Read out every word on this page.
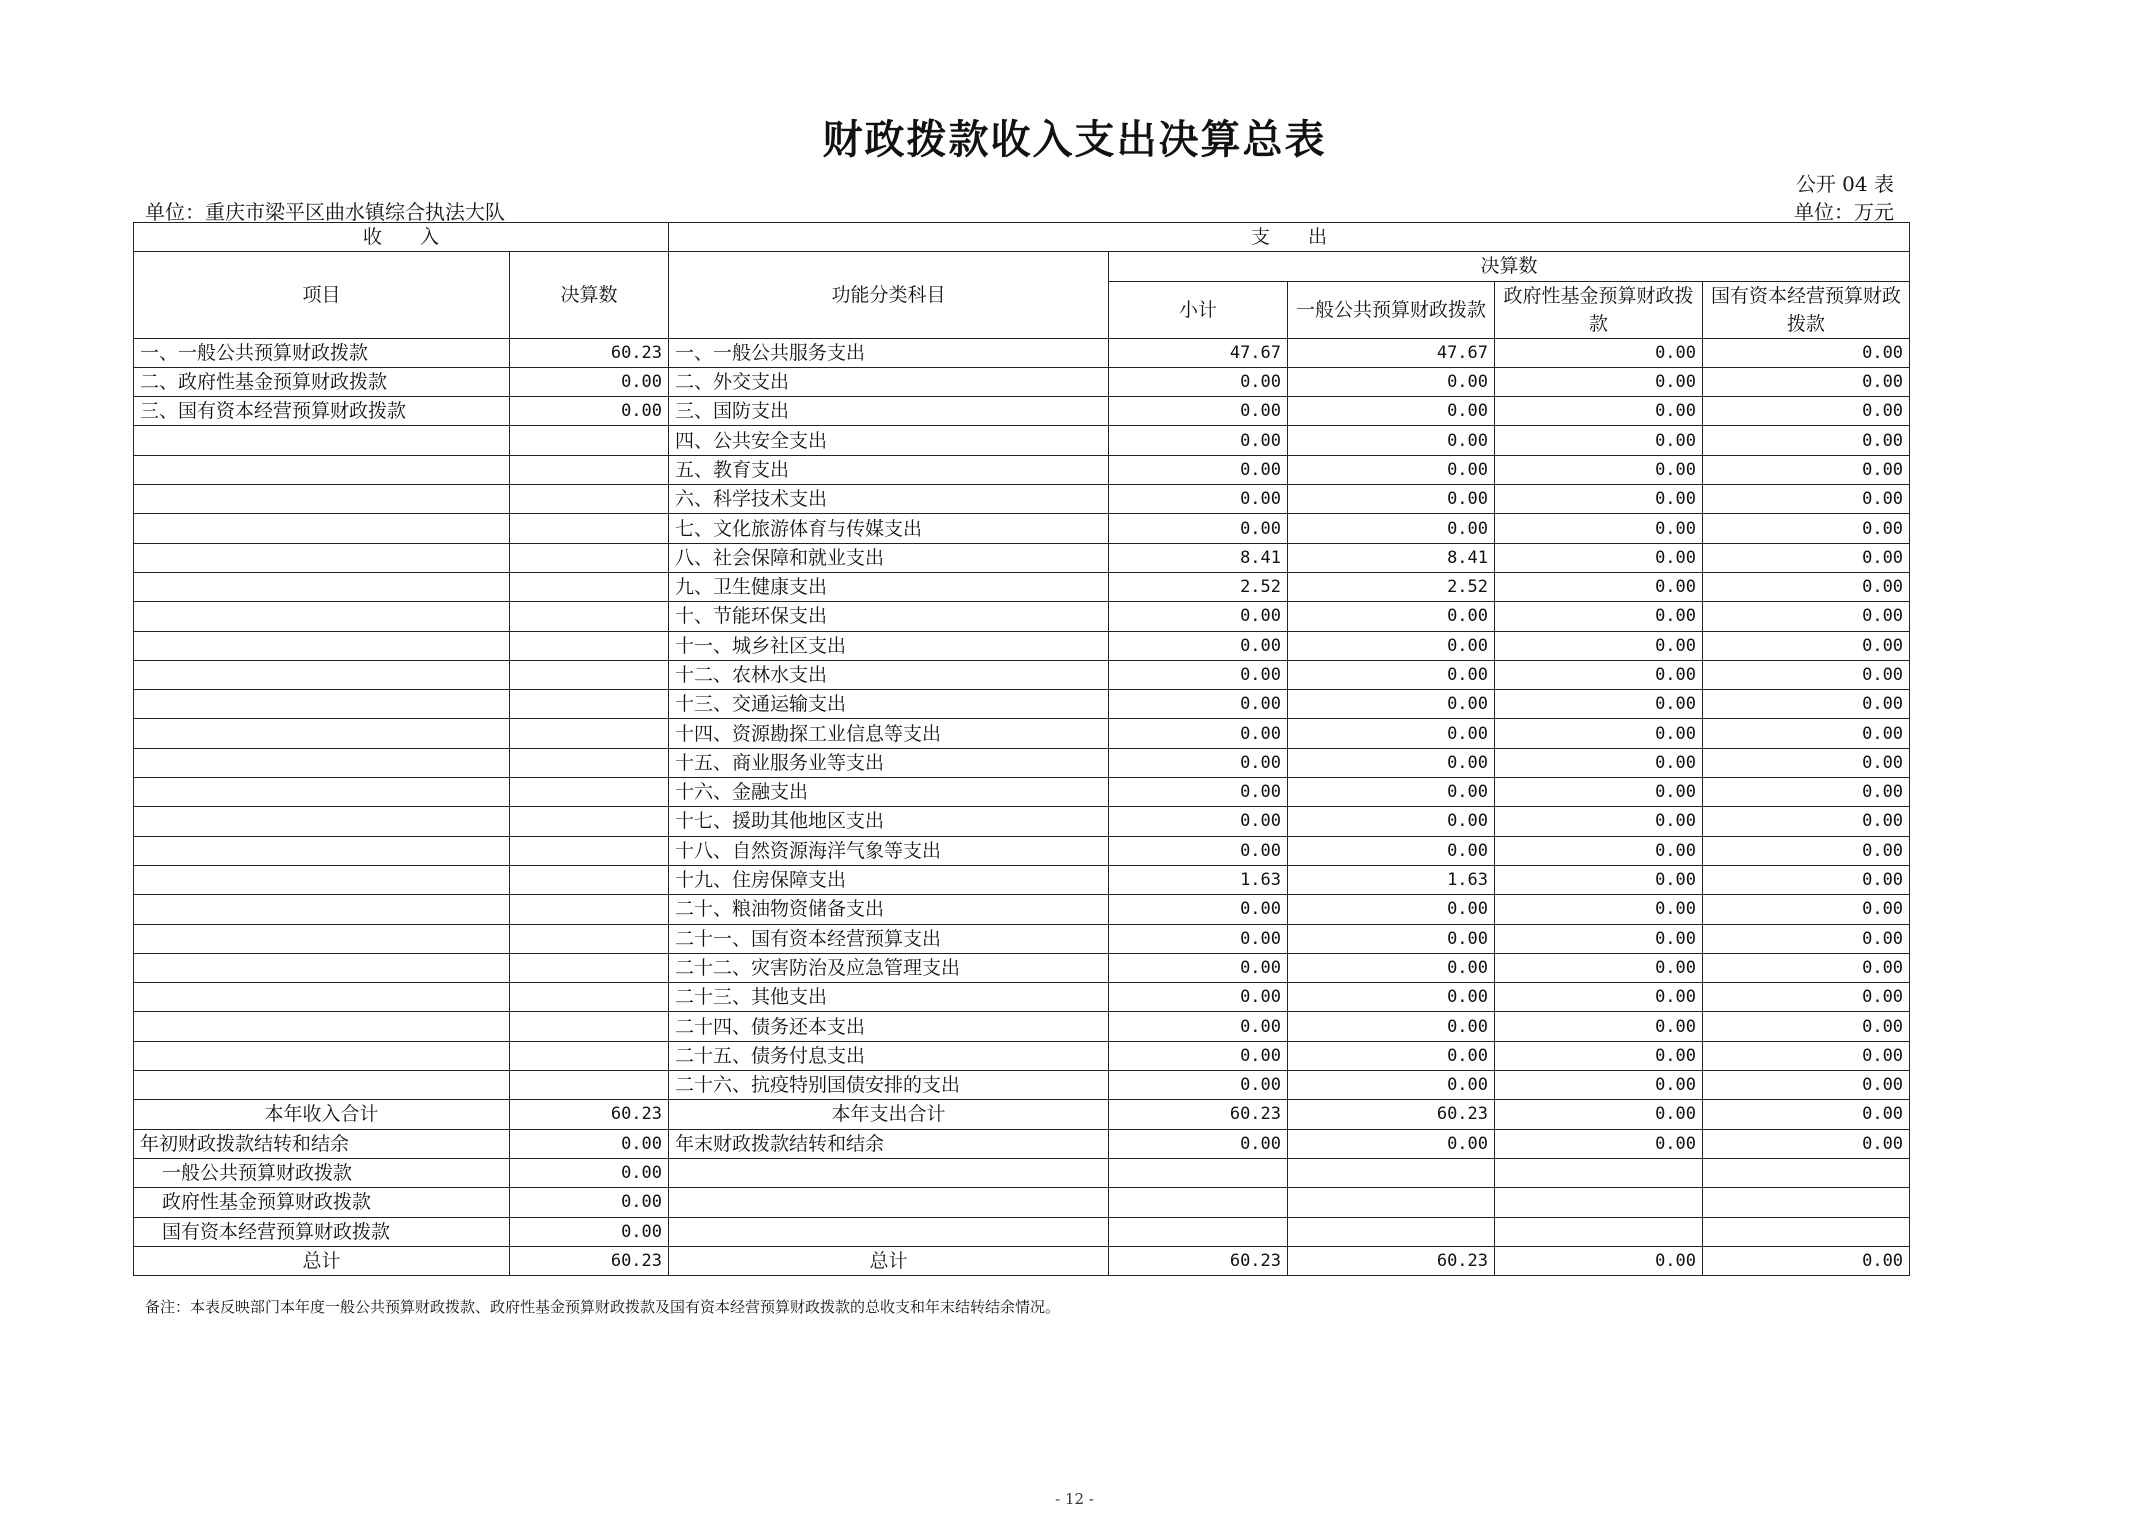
财政拨款收入支出决算总表
公开 04 表
单位：重庆市梁平区曲水镇综合执法大队	单位：万元
收　　入		支　　出				
项目	决算数	功能分类科目	决算数			
			小计	一般公共预算财政拨款	政府性基金预算财政拨款	国有资本经营预算财政拨款

一、一般公共预算财政拨款	60.23	一、一般公共服务支出	47.67	47.67	0.00	0.00
二、政府性基金预算财政拨款	0.00	二、外交支出	0.00	0.00	0.00	0.00
三、国有资本经营预算财政拨款	0.00	三、国防支出	0.00	0.00	0.00	0.00
		四、公共安全支出	0.00	0.00	0.00	0.00
		五、教育支出	0.00	0.00	0.00	0.00
		六、科学技术支出	0.00	0.00	0.00	0.00
		七、文化旅游体育与传媒支出	0.00	0.00	0.00	0.00
		八、社会保障和就业支出	8.41	8.41	0.00	0.00
		九、卫生健康支出	2.52	2.52	0.00	0.00
		十、节能环保支出	0.00	0.00	0.00	0.00
		十一、城乡社区支出	0.00	0.00	0.00	0.00
		十二、农林水支出	0.00	0.00	0.00	0.00
		十三、交通运输支出	0.00	0.00	0.00	0.00
		十四、资源勘探工业信息等支出	0.00	0.00	0.00	0.00
		十五、商业服务业等支出	0.00	0.00	0.00	0.00
		十六、金融支出	0.00	0.00	0.00	0.00
		十七、援助其他地区支出	0.00	0.00	0.00	0.00
		十八、自然资源海洋气象等支出	0.00	0.00	0.00	0.00
		十九、住房保障支出	1.63	1.63	0.00	0.00
		二十、粮油物资储备支出	0.00	0.00	0.00	0.00
		二十一、国有资本经营预算支出	0.00	0.00	0.00	0.00
		二十二、灾害防治及应急管理支出	0.00	0.00	0.00	0.00
		二十三、其他支出	0.00	0.00	0.00	0.00
		二十四、债务还本支出	0.00	0.00	0.00	0.00
		二十五、债务付息支出	0.00	0.00	0.00	0.00
		二十六、抗疫特别国债安排的支出	0.00	0.00	0.00	0.00
本年收入合计	60.23	本年支出合计	60.23	60.23	0.00	0.00
年初财政拨款结转和结余	0.00	年末财政拨款结转和结余	0.00	0.00	0.00	0.00
一般公共预算财政拨款	0.00					
政府性基金预算财政拨款	0.00					
国有资本经营预算财政拨款	0.00					
总计	60.23	总计	60.23	60.23	0.00	0.00
备注：本表反映部门本年度一般公共预算财政拨款、政府性基金预算财政拨款及国有资本经营预算财政拨款的总收支和年末结转结余情况。
- 12 -
